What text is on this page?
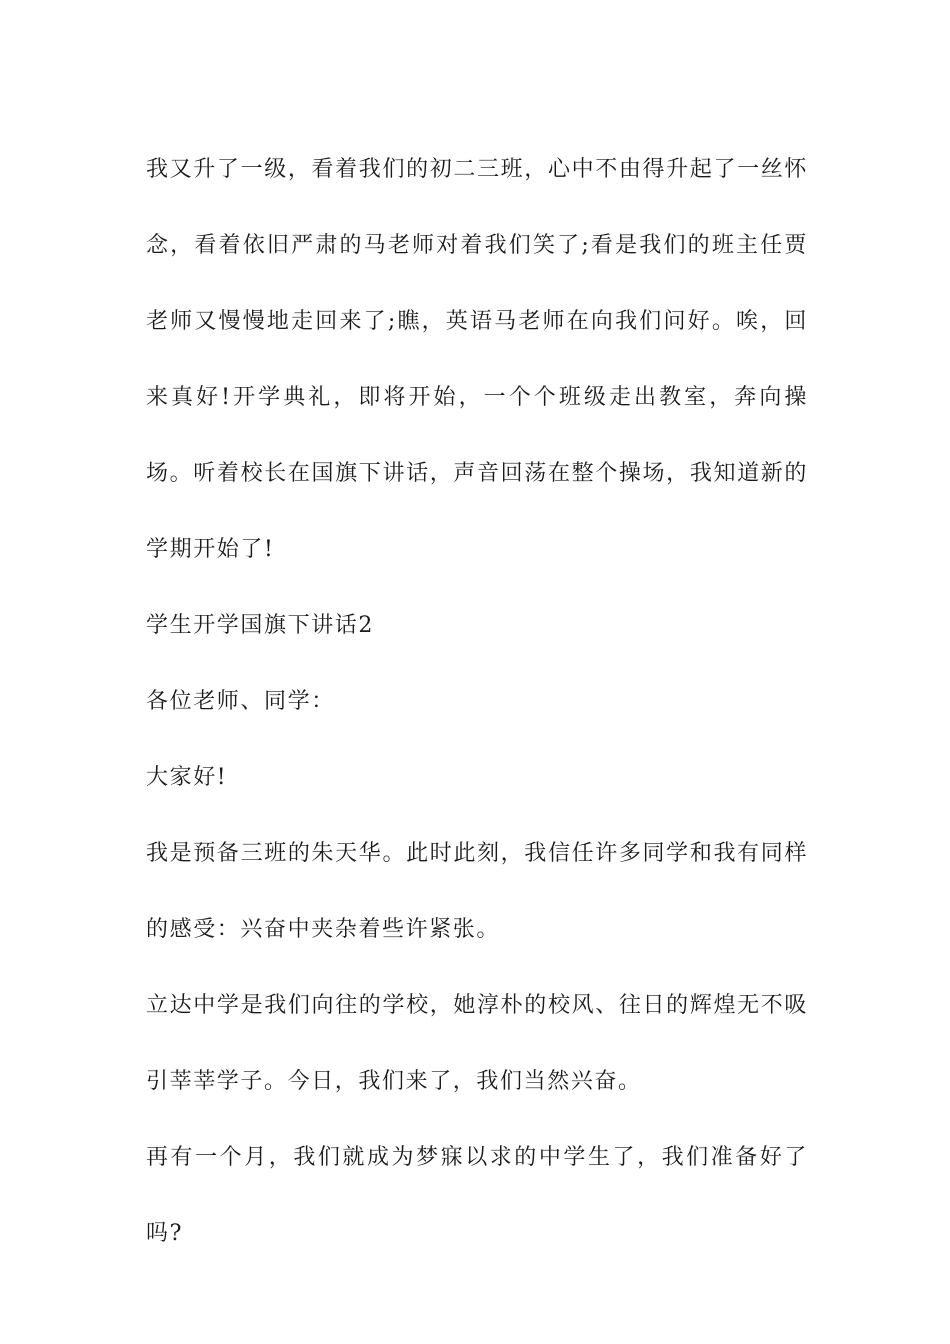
我又升了一级，看着我们的初二三班，心中不由得升起了一丝怀念，看着依旧严肃的马老师对着我们笑了;看是我们的班主任贾老师又慢慢地走回来了;瞧，英语马老师在向我们问好。唉，回来真好!开学典礼，即将开始，一个个班级走出教室，奔向操场。听着校长在国旗下讲话，声音回荡在整个操场，我知道新的学期开始了!

学生开学国旗下讲话2

各位老师、同学：

大家好!

我是预备三班的朱天华。此时此刻，我信任许多同学和我有同样的感受：兴奋中夹杂着些许紧张。

立达中学是我们向往的学校，她淳朴的校风、往日的辉煌无不吸引莘莘学子。今日，我们来了，我们当然兴奋。

再有一个月，我们就成为梦寐以求的中学生了，我们准备好了吗?
